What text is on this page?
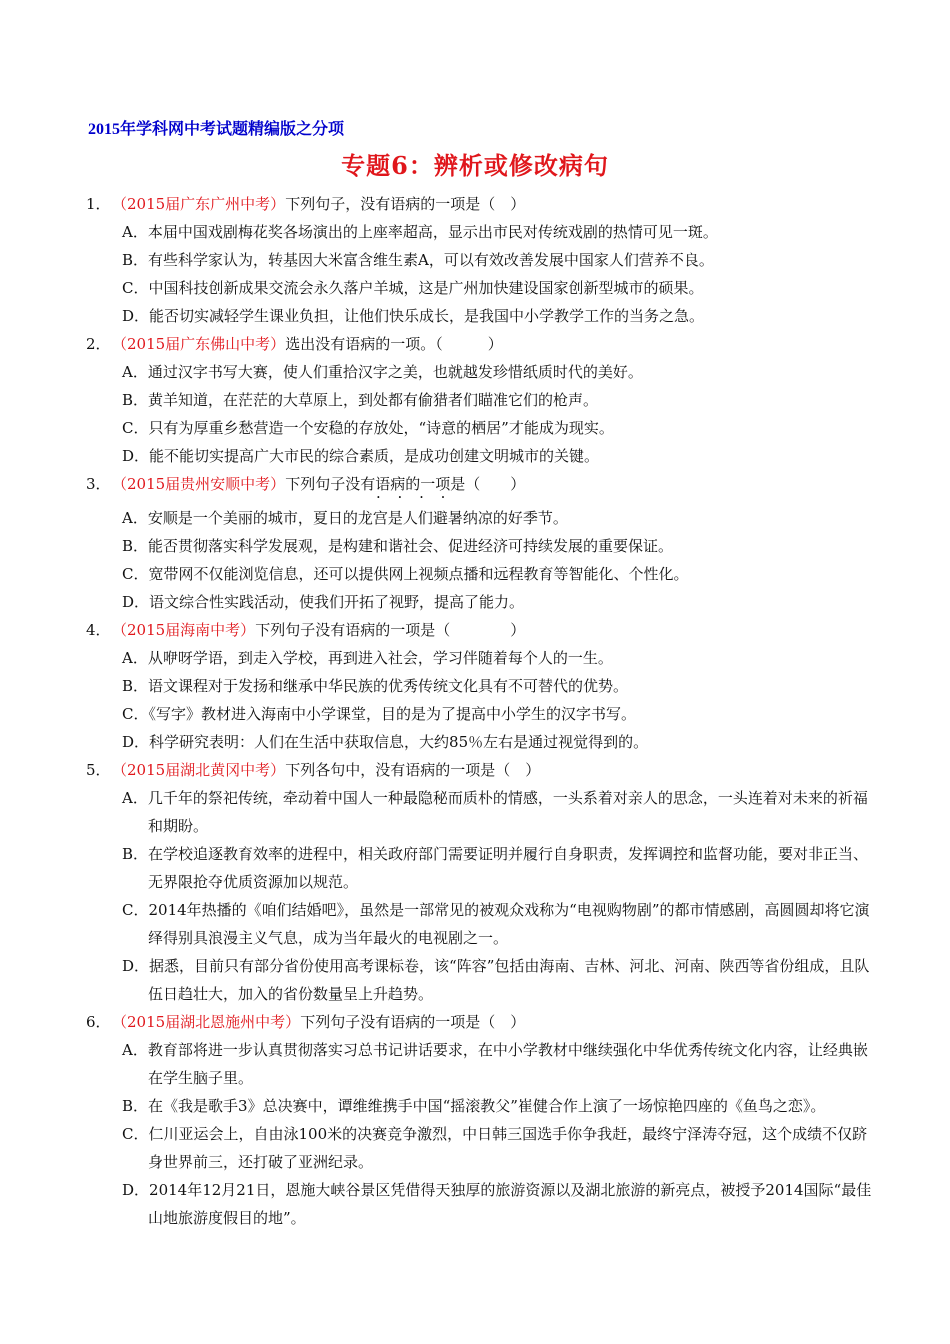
2015年学科网中考试题精编版之分项
专题6：辨析或修改病句
1．（2015届广东广州中考）下列句子，没有语病的一项是（　）
A．本届中国戏剧梅花奖各场演出的上座率超高，显示出市民对传统戏剧的热情可见一斑。
B．有些科学家认为，转基因大米富含维生素A，可以有效改善发展中国家人们营养不良。
C．中国科技创新成果交流会永久落户羊城，这是广州加快建设国家创新型城市的硕果。
D．能否切实减轻学生课业负担，让他们快乐成长，是我国中小学教学工作的当务之急。
2．（2015届广东佛山中考）选出没有语病的一项。（　　　）
A．通过汉字书写大赛，使人们重拾汉字之美，也就越发珍惜纸质时代的美好。
B．黄羊知道，在茫茫的大草原上，到处都有偷猎者们瞄准它们的枪声。
C．只有为厚重乡愁营造一个安稳的存放处，“诗意的栖居”才能成为现实。
D．能不能切实提高广大市民的综合素质，是成功创建文明城市的关键。
3．（2015届贵州安顺中考）下列句子没有语病的一项是（　　）
· · · ·
A．安顺是一个美丽的城市，夏日的龙宫是人们避暑纳凉的好季节。
B．能否贯彻落实科学发展观，是构建和谐社会、促进经济可持续发展的重要保证。
C．宽带网不仅能浏览信息，还可以提供网上视频点播和远程教育等智能化、个性化。
D．语文综合性实践活动，使我们开拓了视野，提高了能力。
4．（2015届海南中考）下列句子没有语病的一项是（　　　　）
A．从咿呀学语，到走入学校，再到进入社会，学习伴随着每个人的一生。
B．语文课程对于发扬和继承中华民族的优秀传统文化具有不可替代的优势。
C．《写字》教材进入海南中小学课堂，目的是为了提高中小学生的汉字书写。
D．科学研究表明：人们在生活中获取信息，大约85％左右是通过视觉得到的。
5．（2015届湖北黄冈中考）下列各句中，没有语病的一项是（　）
A．几千年的祭祀传统，牵动着中国人一种最隐秘而质朴的情感，一头系着对亲人的思念，一头连着对未来的祈福和期盼。
B．在学校追逐教育效率的进程中，相关政府部门需要证明并履行自身职责，发挥调控和监督功能，要对非正当、无界限抢夺优质资源加以规范。
C．2014年热播的《咱们结婚吧》，虽然是一部常见的被观众戏称为“电视购物剧”的都市情感剧，高圆圆却将它演绎得别具浪漫主义气息，成为当年最火的电视剧之一。
D．据悉，目前只有部分省份使用高考课标卷，该“阵容”包括由海南、吉林、河北、河南、陕西等省份组成，且队伍日趋壮大，加入的省份数量呈上升趋势。
6．（2015届湖北恩施州中考）下列句子没有语病的一项是（　）
A．教育部将进一步认真贯彻落实习总书记讲话要求，在中小学教材中继续强化中华优秀传统文化内容，让经典嵌在学生脑子里。
B．在《我是歌手3》总决赛中，谭维维携手中国“摇滚教父”崔健合作上演了一场惊艳四座的《鱼鸟之恋》。
C．仁川亚运会上，自由泳100米的决赛竞争激烈，中日韩三国选手你争我赶，最终宁泽涛夺冠，这个成绩不仅跻身世界前三，还打破了亚洲纪录。
D．2014年12月21日，恩施大峡谷景区凭借得天独厚的旅游资源以及湖北旅游的新亮点，被授予2014国际“最佳山地旅游度假目的地”。
